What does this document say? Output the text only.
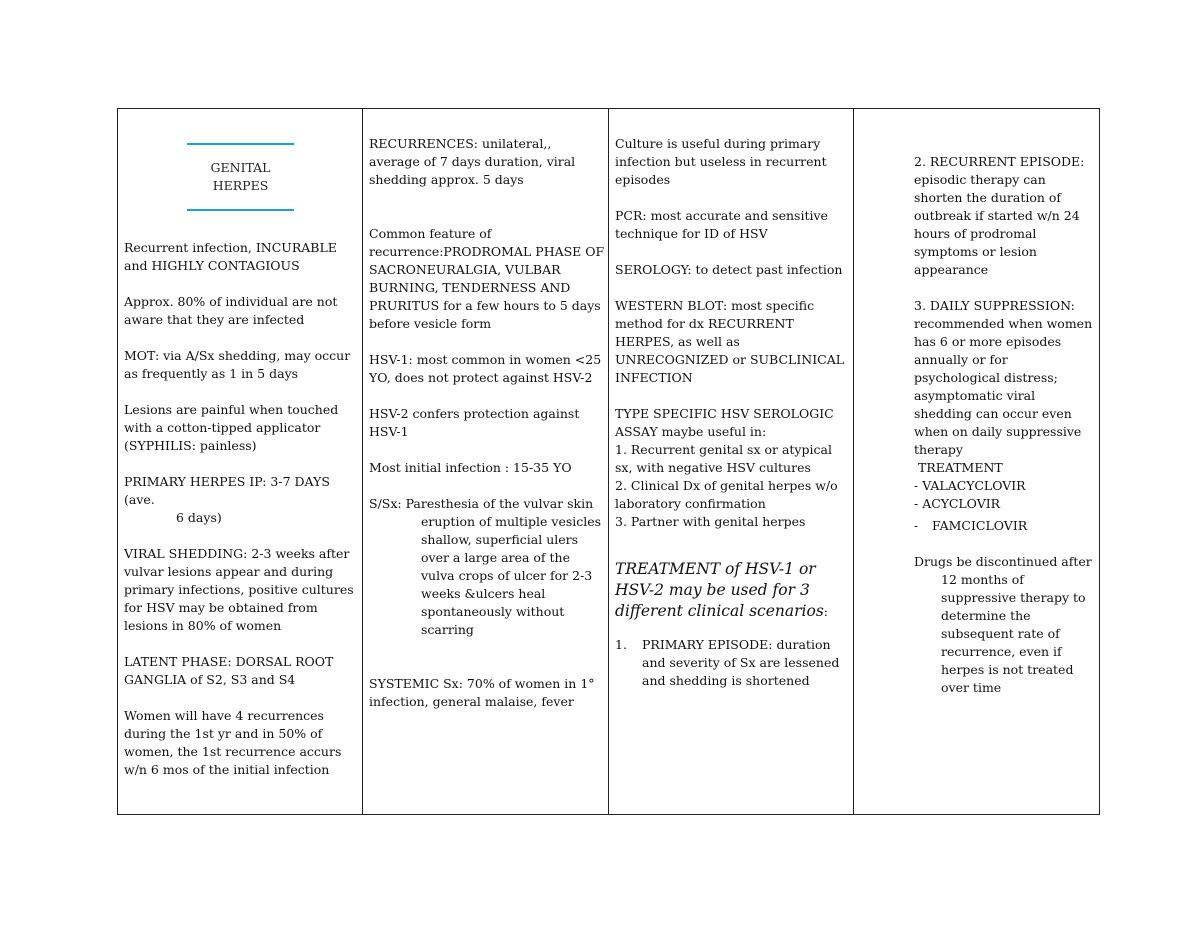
GENITAL
HERPES

Recurrent infection, INCURABLE and HIGHLY CONTAGIOUS

Approx. 80% of individual are not aware that they are infected

MOT: via A/Sx shedding, may occur as frequently as 1 in 5 days

Lesions are painful when touched with a cotton-tipped applicator (SYPHILIS: painless)

PRIMARY HERPES IP: 3-7 DAYS (ave.

6 days)

VIRAL SHEDDING: 2-3 weeks after vulvar lesions appear and during primary infections, positive cultures for HSV may be obtained from lesions in 80% of women

LATENT PHASE: DORSAL ROOT GANGLIA of S2, S3 and S4

Women will have 4 recurrences during the 1st yr and in 50% of women, the 1st recurrence accurs w/n 6 mos of the initial infection

RECURRENCES: unilateral,, average of 7 days duration, viral shedding approx. 5 days

Common feature of recurrence:PRODROMAL PHASE OF SACRONEURALGIA, VULBAR BURNING, TENDERNESS AND PRURITUS for a few hours to 5 days before vesicle form

HSV-1: most common in women <25 YO, does not protect against HSV-2

HSV-2 confers protection against HSV-1

Most initial infection : 15-35 YO

S/Sx: Paresthesia of the vulvar skin

eruption of multiple vesicles shallow, superficial ulers over a large area of the vulva crops of ulcer for 2-3 weeks &ulcers heal spontaneously without scarring

SYSTEMIC Sx: 70% of women in 1° infection, general malaise, fever

Culture is useful during primary infection but useless in recurrent episodes

PCR: most accurate and sensitive technique for ID of HSV

SEROLOGY: to detect past infection

WESTERN BLOT: most specific method for dx RECURRENT HERPES, as well as UNRECOGNIZED or SUBCLINICAL INFECTION

TYPE SPECIFIC HSV SEROLOGIC ASSAY maybe useful in:

1. Recurrent genital sx or atypical sx, with negative HSV cultures

2. Clinical Dx of genital herpes w/o laboratory confirmation

3. Partner with genital herpes

TREATMENT of HSV-1 or HSV-2 may be used for 3 different clinical scenarios:

1.	PRIMARY EPISODE: duration and severity of Sx are lessened and shedding is shortened

2. RECURRENT EPISODE: episodic therapy can shorten the duration of outbreak if started w/n 24 hours of prodromal symptoms or lesion appearance

3. DAILY SUPPRESSION: recommended when women has 6 or more episodes annually or for psychological distress; asymptomatic viral shedding can occur even when on daily suppressive therapy

TREATMENT

- VALACYCLOVIR

- ACYCLOVIR

-	FAMCICLOVIR

Drugs be discontinued after 12 months of suppressive therapy to determine the subsequent rate of recurrence, even if herpes is not treated over time
